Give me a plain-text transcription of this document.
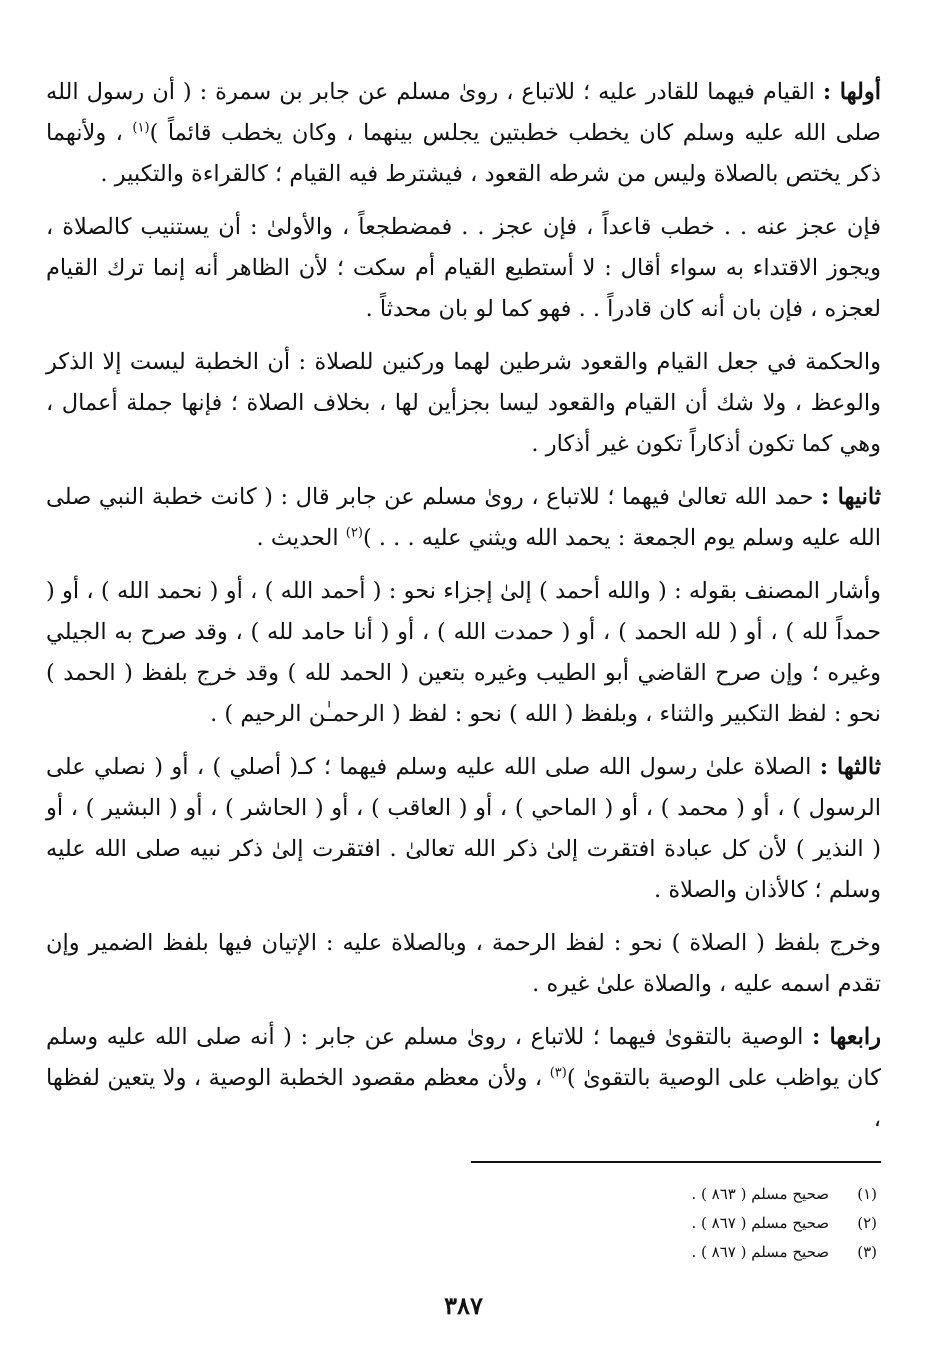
أولها : القيام فيهما للقادر عليه ؛ للاتباع ، روىٰ مسلم عن جابر بن سمرة : ( أن رسول الله صلى الله عليه وسلم كان يخطب خطبتين يجلس بينهما ، وكان يخطب قائماً )$^{(١)}$ ، ولأنهما ذكر يختص بالصلاة وليس من شرطه القعود ، فيشترط فيه القيام ؛ كالقراءة والتكبير .

فإن عجز عنه . . خطب قاعداً ، فإن عجز . . فمضطجعاً ، والأولىٰ : أن يستنيب كالصلاة ، ويجوز الاقتداء به سواء أقال : لا أستطيع القيام أم سكت ؛ لأن الظاهر أنه إنما ترك القيام لعجزه ، فإن بان أنه كان قادراً . . فهو كما لو بان محدثاً .

والحكمة في جعل القيام والقعود شرطين لهما وركنين للصلاة : أن الخطبة ليست إلا الذكر والوعظ ، ولا شك أن القيام والقعود ليسا بجزأين لها ، بخلاف الصلاة ؛ فإنها جملة أعمال ، وهي كما تكون أذكاراً تكون غير أذكار .

ثانيها : حمد الله تعالىٰ فيهما ؛ للاتباع ، روىٰ مسلم عن جابر قال : ( كانت خطبة النبي صلى الله عليه وسلم يوم الجمعة : يحمد الله ويثني عليه . . . )$^{(٢)}$ الحديث .

وأشار المصنف بقوله : ( والله أحمد ) إلىٰ إجزاء نحو : ( أحمد الله ) ، أو ( نحمد الله ) ، أو ( حمداً لله ) ، أو ( لله الحمد ) ، أو ( حمدت الله ) ، أو ( أنا حامد لله ) ، وقد صرح به الجيلي وغيره ؛ وإن صرح القاضي أبو الطيب وغيره بتعين ( الحمد لله ) وقد خرج بلفظ ( الحمد ) نحو : لفظ التكبير والثناء ، وبلفظ ( الله ) نحو : لفظ ( الرحمـٰن الرحيم ) .

ثالثها : الصلاة علىٰ رسول الله صلى الله عليه وسلم فيهما ؛ كـ( أصلي ) ، أو ( نصلي على الرسول ) ، أو ( محمد ) ، أو ( الماحي ) ، أو ( العاقب ) ، أو ( الحاشر ) ، أو ( البشير ) ، أو ( النذير ) لأن كل عبادة افتقرت إلىٰ ذكر الله تعالىٰ . افتقرت إلىٰ ذكر نبيه صلى الله عليه وسلم ؛ كالأذان والصلاة .

وخرج بلفظ ( الصلاة ) نحو : لفظ الرحمة ، وبالصلاة عليه : الإتيان فيها بلفظ الضمير وإن تقدم اسمه عليه ، والصلاة علىٰ غيره .

رابعها : الوصية بالتقوىٰ فيهما ؛ للاتباع ، روىٰ مسلم عن جابر : ( أنه صلى الله عليه وسلم كان يواظب على الوصية بالتقوىٰ )$^{(٣)}$ ، ولأن معظم مقصود الخطبة الوصية ، ولا يتعين لفظها ،

(١)
صحيح مسلم ( ٨٦٣ ) .
(٢)
صحيح مسلم ( ٨٦٧ ) .
(٣)
صحيح مسلم ( ٨٦٧ ) .
٣٨٧
